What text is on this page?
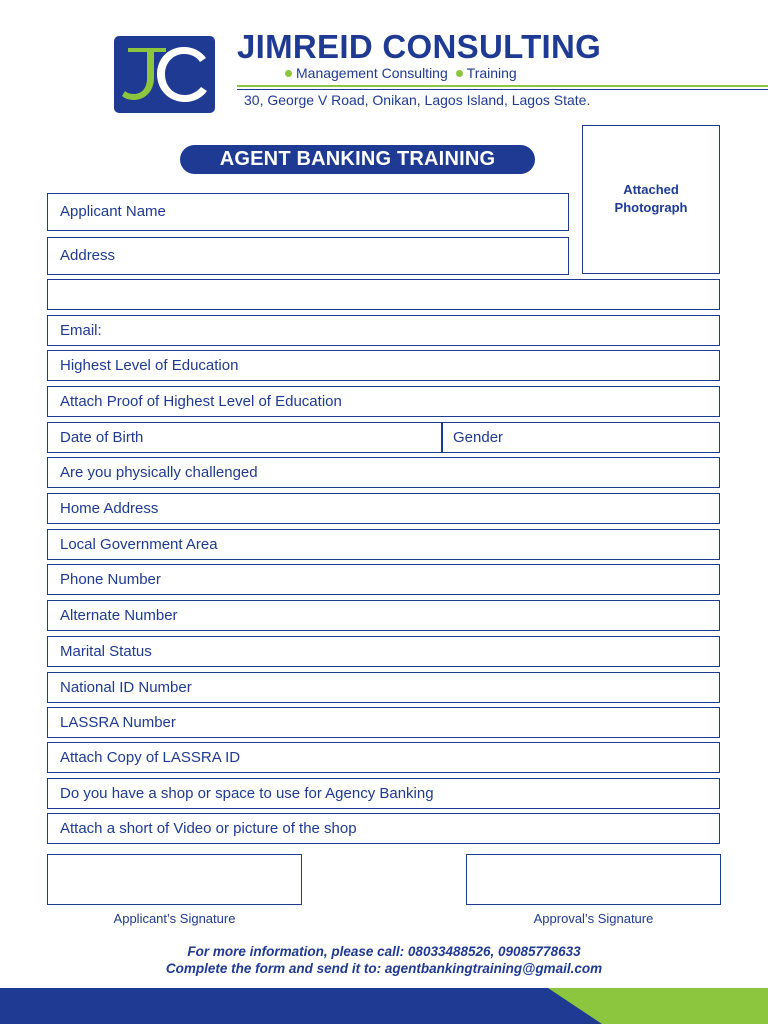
JIMREID CONSULTING
Management Consulting Training
30, George V Road, Onikan, Lagos Island, Lagos State.
AGENT BANKING TRAINING
Attached Photograph
Applicant Name
Address
Email:
Highest Level of Education
Attach Proof of Highest Level of Education
Date of Birth	Gender
Are you physically challenged
Home Address
Local Government Area
Phone Number
Alternate Number
Marital Status
National ID Number
LASSRA Number
Attach Copy of LASSRA ID
Do you have a shop or space to use for Agency Banking
Attach a short of Video or picture of the shop
Applicant’s Signature	Approval’s Signature
For more information, please call: 08033488526, 09085778633
Complete the form and send it to: agentbankingtraining@gmail.com
